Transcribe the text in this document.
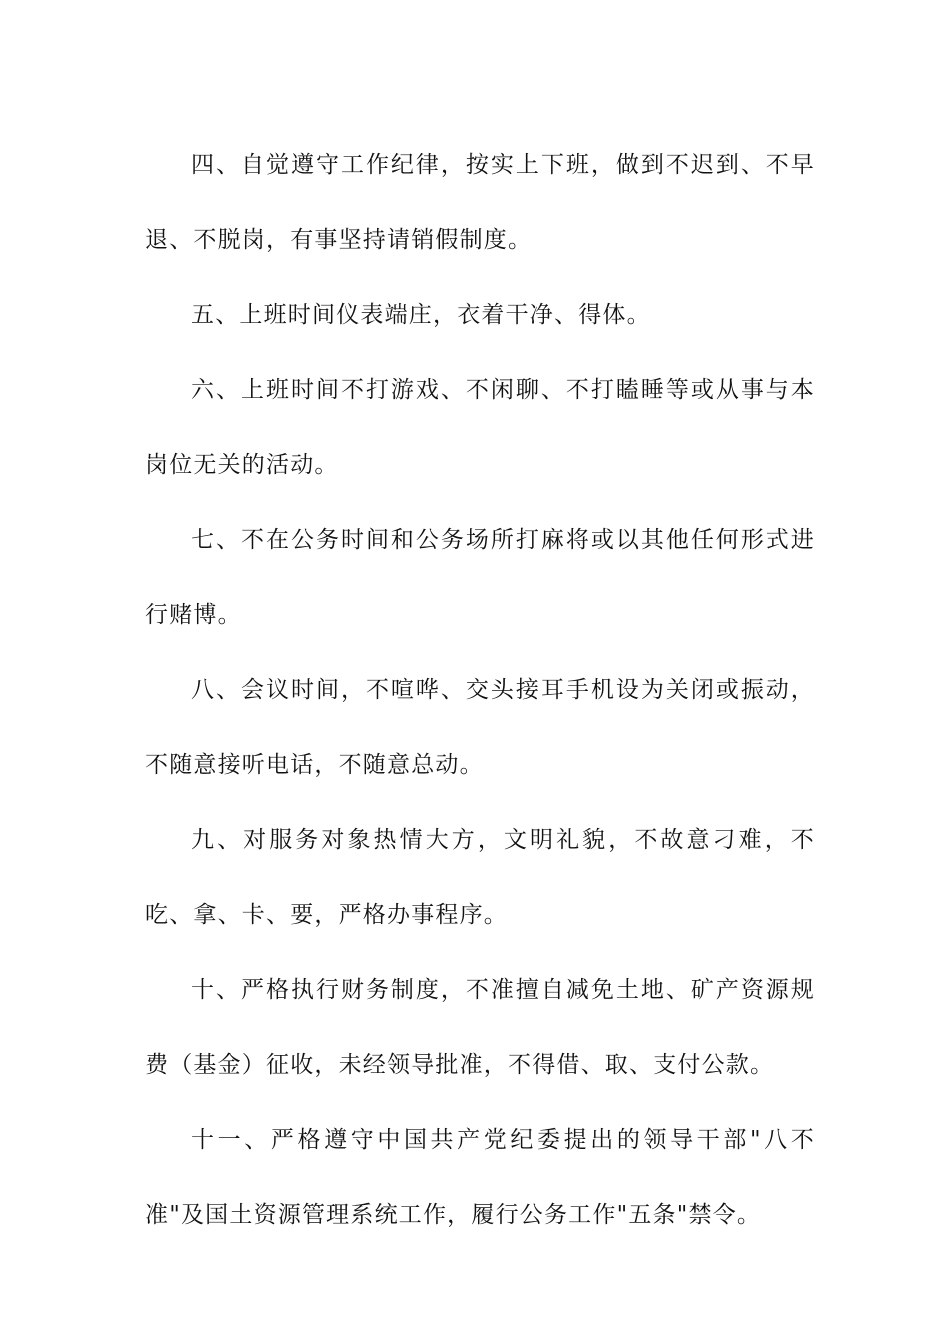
四、自觉遵守工作纪律，按实上下班，做到不迟到、不早退、不脱岗，有事坚持请销假制度。

五、上班时间仪表端庄，衣着干净、得体。

六、上班时间不打游戏、不闲聊、不打瞌睡等或从事与本岗位无关的活动。

七、不在公务时间和公务场所打麻将或以其他任何形式进行赌博。

八、会议时间，不喧哗、交头接耳手机设为关闭或振动，不随意接听电话，不随意总动。

九、对服务对象热情大方，文明礼貌，不故意刁难，不吃、拿、卡、要，严格办事程序。

十、严格执行财务制度，不准擅自减免土地、矿产资源规费（基金）征收，未经领导批准，不得借、取、支付公款。

十一、严格遵守中国共产党纪委提出的领导干部"八不准"及国土资源管理系统工作，履行公务工作"五条"禁令。
